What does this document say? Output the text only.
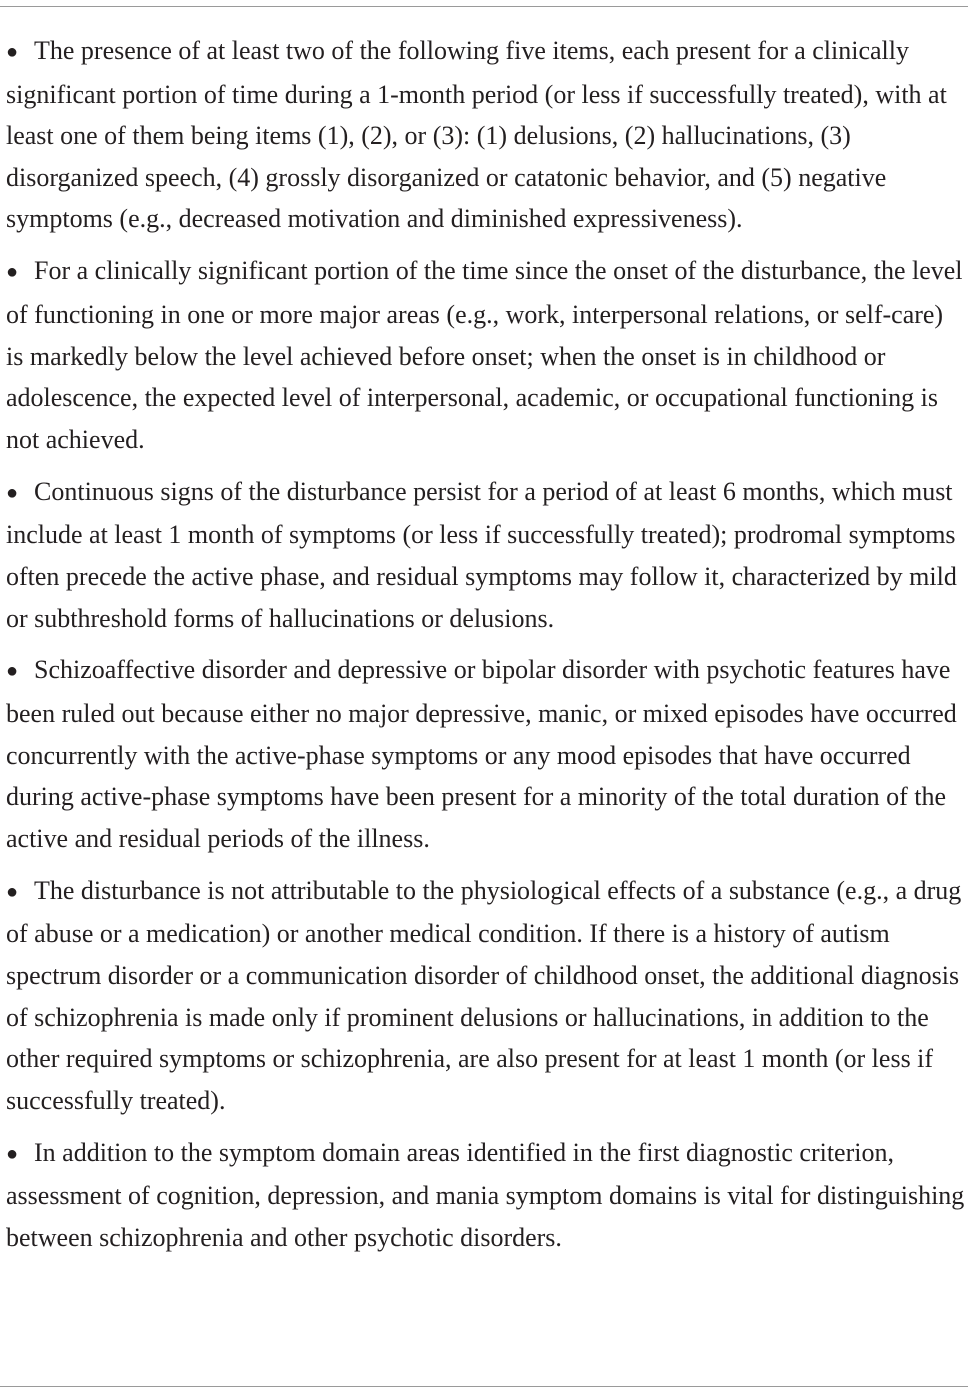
● The presence of at least two of the following five items, each present for a clinically significant portion of time during a 1-month period (or less if successfully treated), with at least one of them being items (1), (2), or (3): (1) delusions, (2) hallucinations, (3) disorganized speech, (4) grossly disorganized or catatonic behavior, and (5) negative symptoms (e.g., decreased motivation and diminished expressiveness).
● For a clinically significant portion of the time since the onset of the disturbance, the level of functioning in one or more major areas (e.g., work, interpersonal relations, or self-care) is markedly below the level achieved before onset; when the onset is in childhood or adolescence, the expected level of interpersonal, academic, or occupational functioning is not achieved.
● Continuous signs of the disturbance persist for a period of at least 6 months, which must include at least 1 month of symptoms (or less if successfully treated); prodromal symptoms often precede the active phase, and residual symptoms may follow it, characterized by mild or subthreshold forms of hallucinations or delusions.
● Schizoaffective disorder and depressive or bipolar disorder with psychotic features have been ruled out because either no major depressive, manic, or mixed episodes have occurred concurrently with the active-phase symptoms or any mood episodes that have occurred during active-phase symptoms have been present for a minority of the total duration of the active and residual periods of the illness.
● The disturbance is not attributable to the physiological effects of a substance (e.g., a drug of abuse or a medication) or another medical condition. If there is a history of autism spectrum disorder or a communication disorder of childhood onset, the additional diagnosis of schizophrenia is made only if prominent delusions or hallucinations, in addition to the other required symptoms or schizophrenia, are also present for at least 1 month (or less if successfully treated).
● In addition to the symptom domain areas identified in the first diagnostic criterion, assessment of cognition, depression, and mania symptom domains is vital for distinguishing between schizophrenia and other psychotic disorders.
